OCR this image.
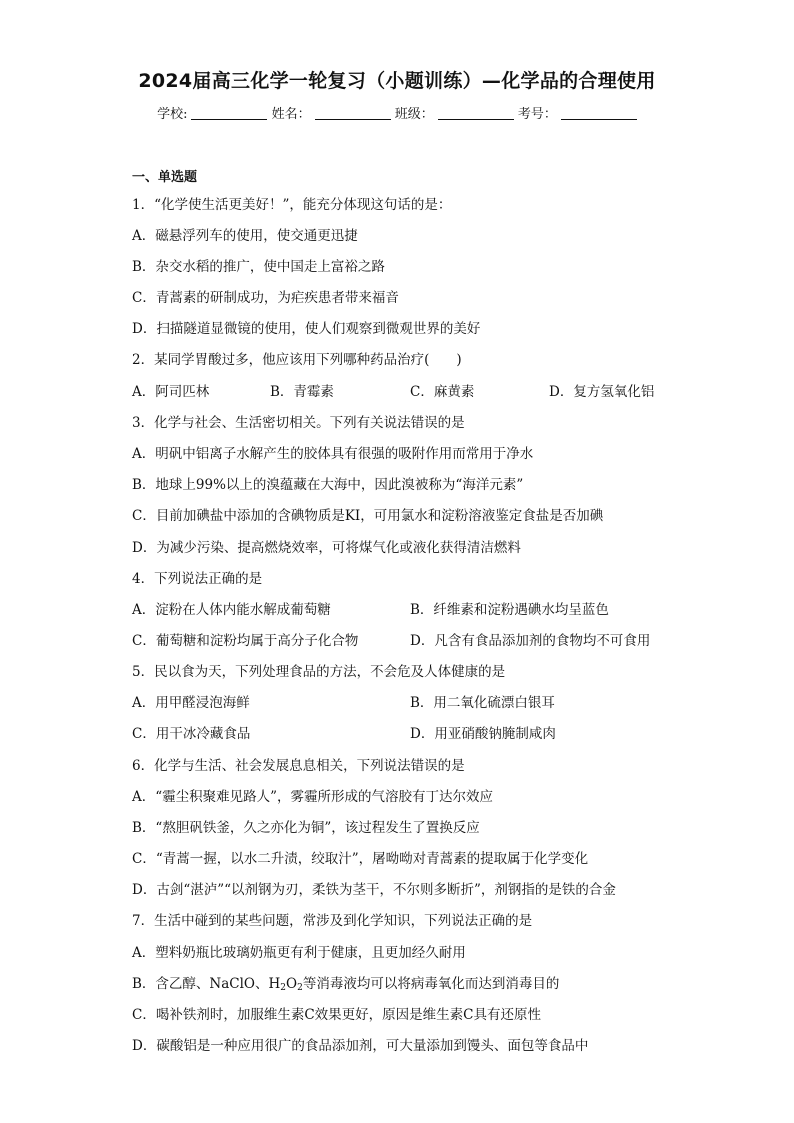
2024届高三化学一轮复习（小题训练）—化学品的合理使用
学校:	姓名：	班级：	考号：
一、单选题
1．“化学使生活更美好！”，能充分体现这句话的是：
A．磁悬浮列车的使用，使交通更迅捷
B．杂交水稻的推广，使中国走上富裕之路
C．青蒿素的研制成功，为疟疾患者带来福音
D．扫描隧道显微镜的使用，使人们观察到微观世界的美好
2．某同学胃酸过多，他应该用下列哪种药品治疗(　　)
A．阿司匹林	B．青霉素	C．麻黄素	D．复方氢氧化铝
3．化学与社会、生活密切相关。下列有关说法错误的是
A．明矾中铝离子水解产生的胶体具有很强的吸附作用而常用于净水
B．地球上99%以上的溴蕴藏在大海中，因此溴被称为“海洋元素”
C．目前加碘盐中添加的含碘物质是KI，可用氯水和淀粉溶液鉴定食盐是否加碘
D．为减少污染、提高燃烧效率，可将煤气化或液化获得清洁燃料
4．下列说法正确的是
A．淀粉在人体内能水解成葡萄糖	B．纤维素和淀粉遇碘水均呈蓝色
C．葡萄糖和淀粉均属于高分子化合物	D．凡含有食品添加剂的食物均不可食用
5．民以食为天，下列处理食品的方法，不会危及人体健康的是
A．用甲醛浸泡海鲜	B．用二氧化硫漂白银耳
C．用干冰冷藏食品	D．用亚硝酸钠腌制咸肉
6．化学与生活、社会发展息息相关，下列说法错误的是
A．“霾尘积聚难见路人”，雾霾所形成的气溶胶有丁达尔效应
B．“熬胆矾铁釜，久之亦化为铜”，该过程发生了置换反应
C．“青蒿一握，以水二升渍，绞取汁”，屠呦呦对青蒿素的提取属于化学变化
D．古剑“湛泸”“以剂钢为刃，柔铁为茎干，不尔则多断折”，剂钢指的是铁的合金
7．生活中碰到的某些问题，常涉及到化学知识，下列说法正确的是
A．塑料奶瓶比玻璃奶瓶更有利于健康，且更加经久耐用
B．含乙醇、NaClO、$H_2O_2$等消毒液均可以将病毒氧化而达到消毒目的
C．喝补铁剂时，加服维生素C效果更好，原因是维生素C具有还原性
D．碳酸铝是一种应用很广的食品添加剂，可大量添加到馒头、面包等食品中
